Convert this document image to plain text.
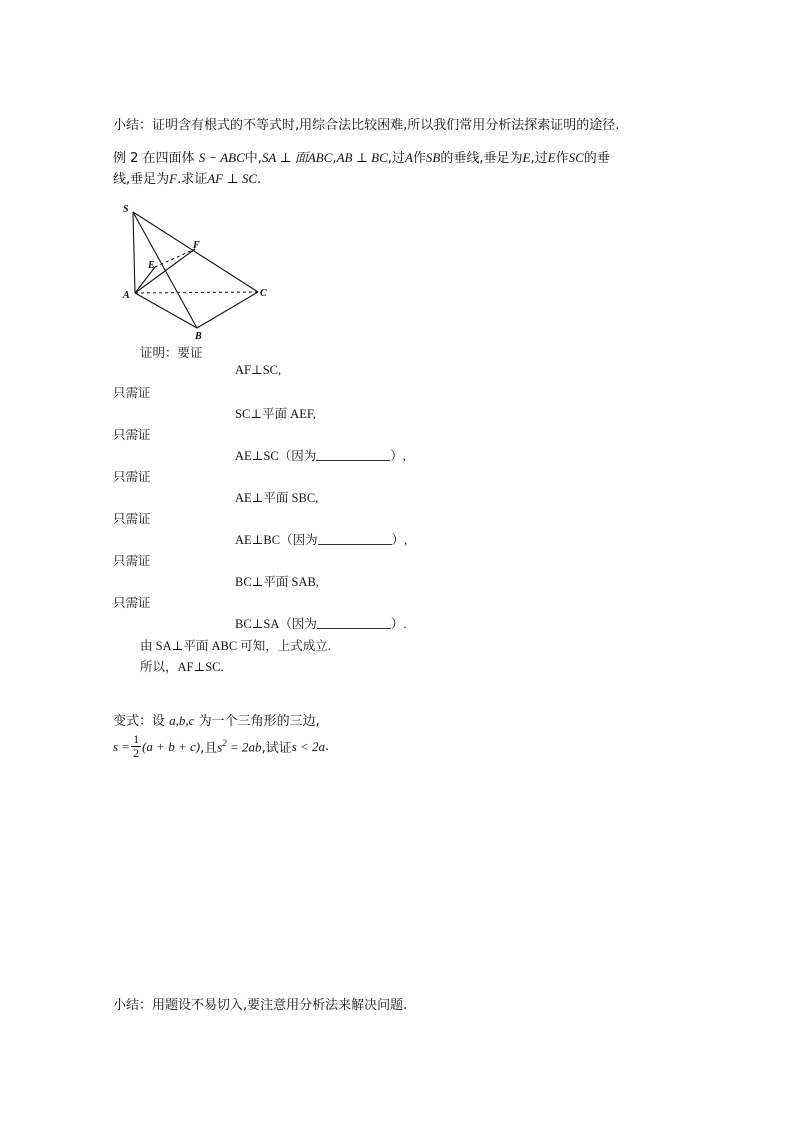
小结：证明含有根式的不等式时,用综合法比较困难,所以我们常用分析法探索证明的途径.
例 2 在四面体 S − ABC中,SA ⊥ 面ABC,AB ⊥ BC,过A作SB的垂线,垂足为E,过E作SC的垂
线,垂足为F.求证AF ⊥ SC.
S
A
B
C
E
F
证明：要证
AF⊥SC,
只需证
SC⊥平面 AEF,
只需证
AE⊥SC（因为	）,
只需证
AE⊥平面 SBC,
只需证
AE⊥BC（因为	）,
只需证
BC⊥平面 SAB,
只需证
BC⊥SA（因为	）.
由 SA⊥平面 ABC 可知，上式成立.
所以，AF⊥SC.
变式：设 a,b,c 为一个三角形的三边,
$s = \frac{1}{2} (a + b + c)$ ,且 $s^2 = 2ab$ ,试证 s < 2a .
小结：用题设不易切入,要注意用分析法来解决问题.
